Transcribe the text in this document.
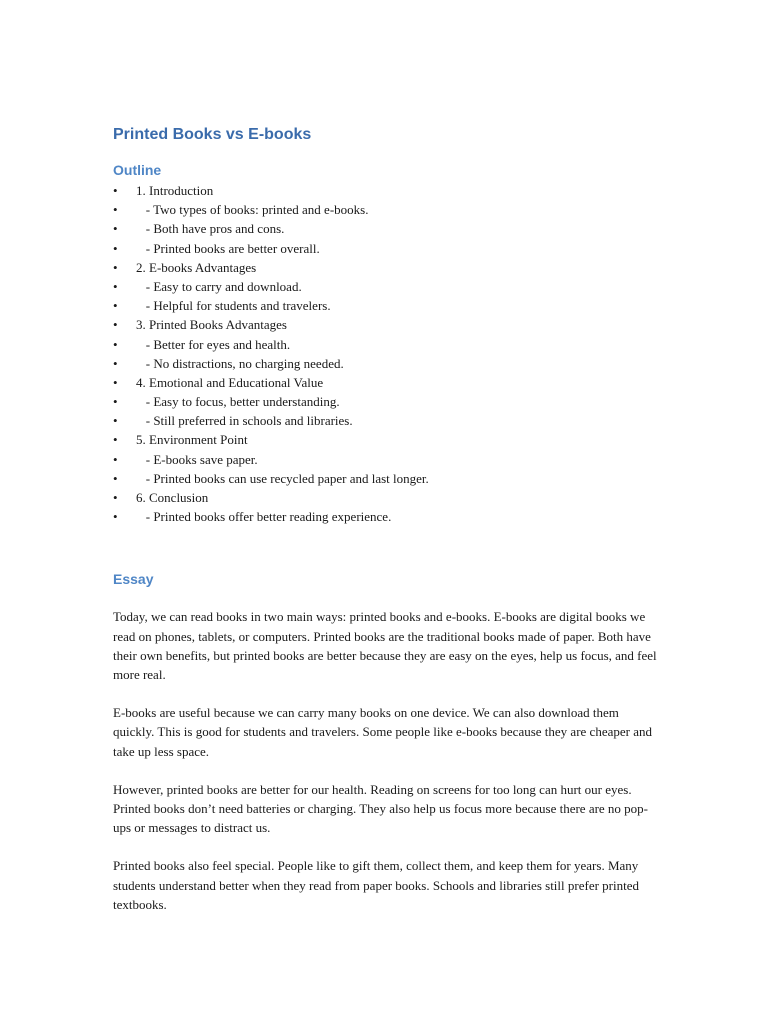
Printed Books vs E-books
Outline
• 1. Introduction
• - Two types of books: printed and e-books.
• - Both have pros and cons.
• - Printed books are better overall.
• 2. E-books Advantages
• - Easy to carry and download.
• - Helpful for students and travelers.
• 3. Printed Books Advantages
• - Better for eyes and health.
• - No distractions, no charging needed.
• 4. Emotional and Educational Value
• - Easy to focus, better understanding.
• - Still preferred in schools and libraries.
• 5. Environment Point
• - E-books save paper.
• - Printed books can use recycled paper and last longer.
• 6. Conclusion
• - Printed books offer better reading experience.
Essay

Today, we can read books in two main ways: printed books and e-books. E-books are digital books we read on phones, tablets, or computers. Printed books are the traditional books made of paper. Both have their own benefits, but printed books are better because they are easy on the eyes, help us focus, and feel more real.

E-books are useful because we can carry many books on one device. We can also download them quickly. This is good for students and travelers. Some people like e-books because they are cheaper and take up less space.

However, printed books are better for our health. Reading on screens for too long can hurt our eyes. Printed books don’t need batteries or charging. They also help us focus more because there are no pop-ups or messages to distract us.

Printed books also feel special. People like to gift them, collect them, and keep them for years. Many students understand better when they read from paper books. Schools and libraries still prefer printed textbooks.
